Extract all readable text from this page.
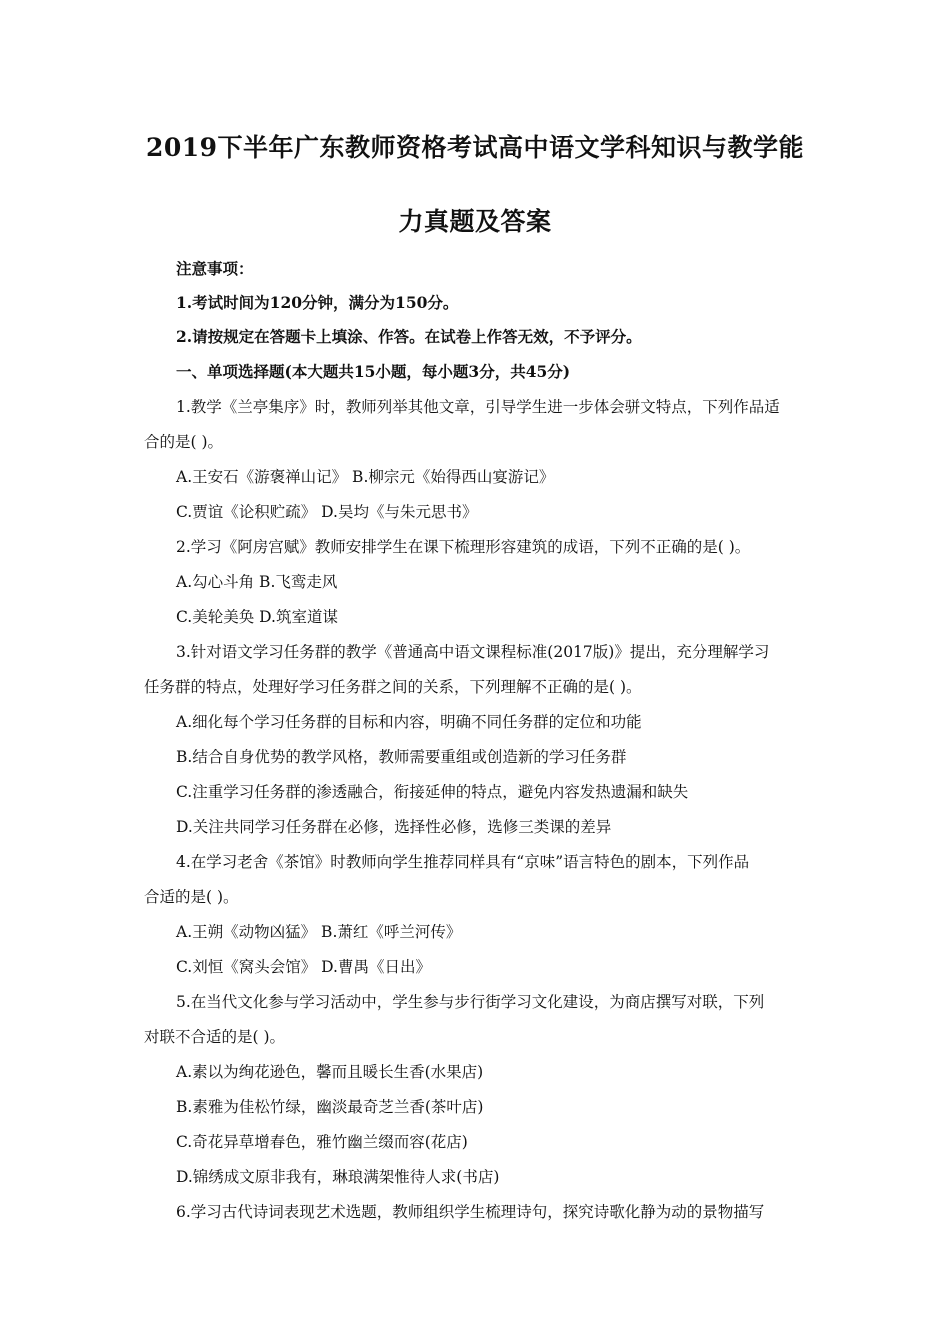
2019下半年广东教师资格考试高中语文学科知识与教学能
力真题及答案
注意事项：
1.考试时间为120分钟，满分为150分。
2.请按规定在答题卡上填涂、作答。在试卷上作答无效，不予评分。
一、单项选择题(本大题共15小题，每小题3分，共45分)
1.教学《兰亭集序》时，教师列举其他文章，引导学生进一步体会骈文特点，下列作品适
合的是( )。
A.王安石《游褒禅山记》 B.柳宗元《始得西山宴游记》
C.贾谊《论积贮疏》 D.吴均《与朱元思书》
2.学习《阿房宫赋》教师安排学生在课下梳理形容建筑的成语，下列不正确的是( )。
A.勾心斗角 B.飞鸾走风
C.美轮美奂 D.筑室道谋
3.针对语文学习任务群的教学《普通高中语文课程标准(2017版)》提出，充分理解学习
任务群的特点，处理好学习任务群之间的关系，下列理解不正确的是( )。
A.细化每个学习任务群的目标和内容，明确不同任务群的定位和功能
B.结合自身优势的教学风格，教师需要重组或创造新的学习任务群
C.注重学习任务群的渗透融合，衔接延伸的特点，避免内容发热遗漏和缺失
D.关注共同学习任务群在必修，选择性必修，选修三类课的差异
4.在学习老舍《茶馆》时教师向学生推荐同样具有“京味”语言特色的剧本，下列作品
合适的是( )。
A.王朔《动物凶猛》 B.萧红《呼兰河传》
C.刘恒《窝头会馆》 D.曹禺《日出》
5.在当代文化参与学习活动中，学生参与步行街学习文化建设，为商店撰写对联，下列
对联不合适的是( )。
A.素以为绚花逊色，馨而且暖长生香(水果店)
B.素雅为佳松竹绿，幽淡最奇芝兰香(茶叶店)
C.奇花异草增春色，雅竹幽兰缀而容(花店)
D.锦绣成文原非我有，琳琅满架惟待人求(书店)
6.学习古代诗词表现艺术选题，教师组织学生梳理诗句，探究诗歌化静为动的景物描写
